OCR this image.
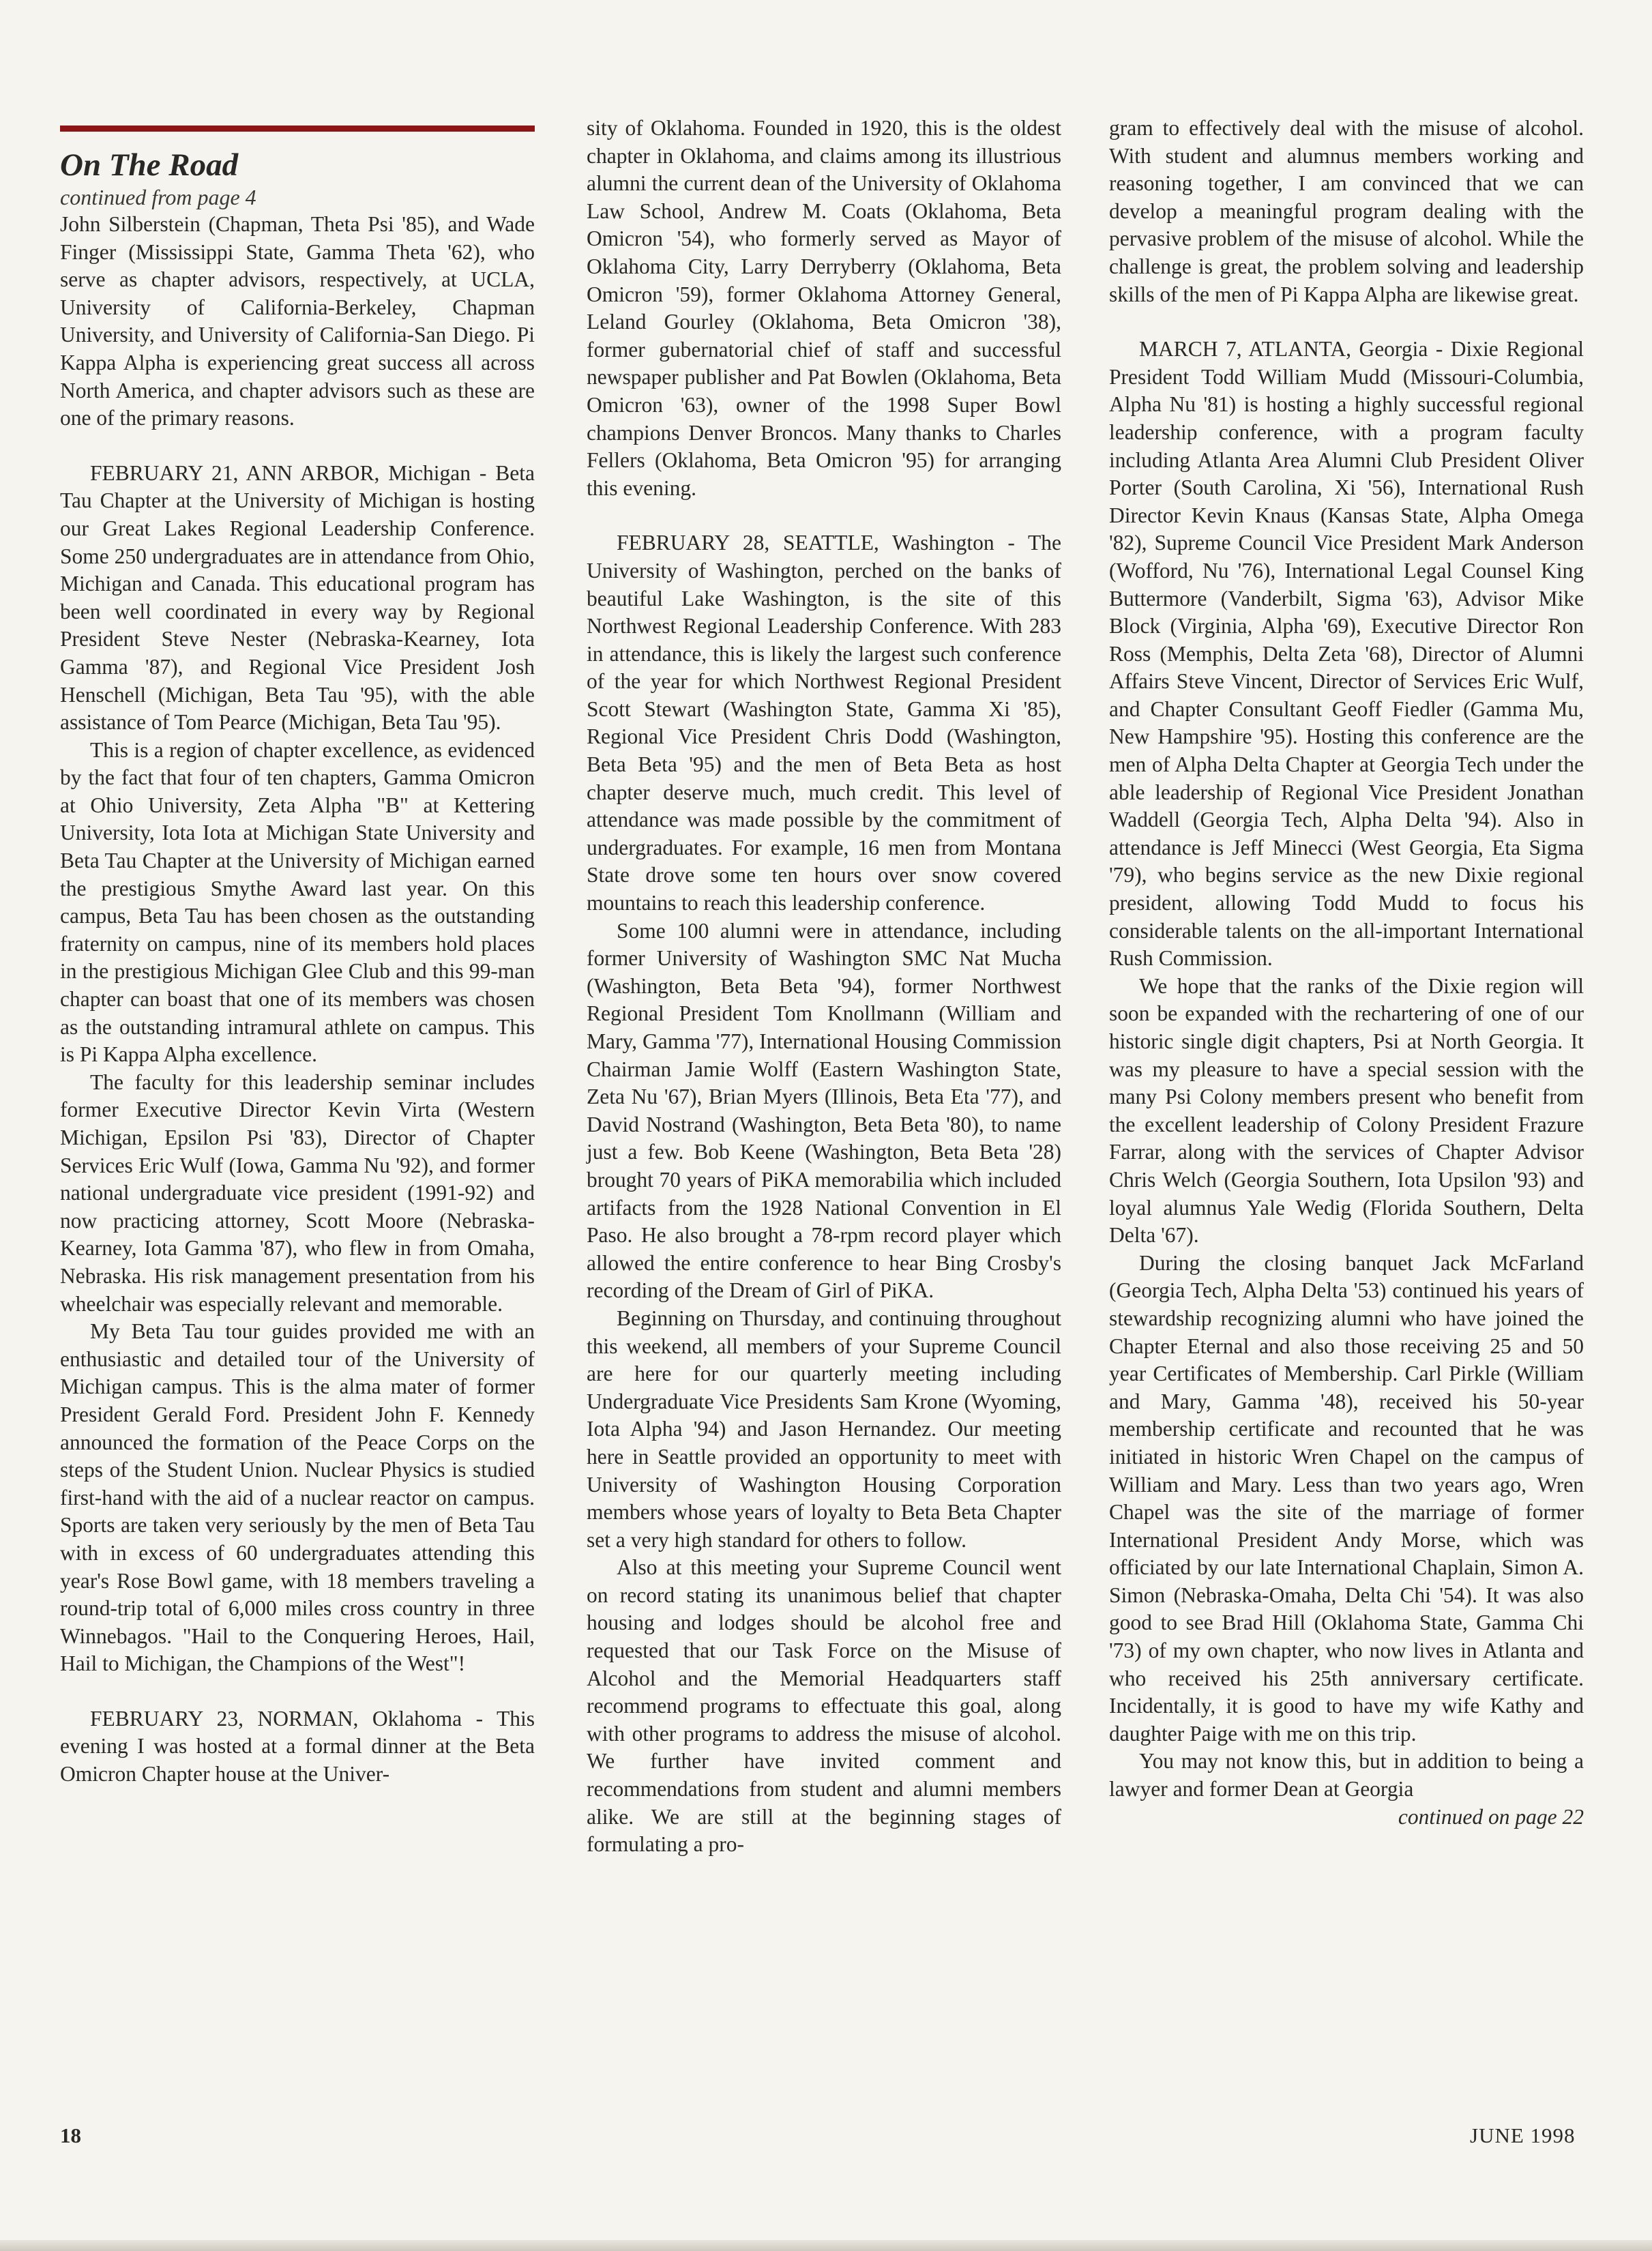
On The Road

continued from page 4

John Silberstein (Chapman, Theta Psi '85), and Wade Finger (Mississippi State, Gamma Theta '62), who serve as chapter advisors, respectively, at UCLA, University of California-Berkeley, Chapman University, and University of California-San Diego. Pi Kappa Alpha is experiencing great success all across North America, and chapter advisors such as these are one of the primary reasons.

FEBRUARY 21, ANN ARBOR, Michigan - Beta Tau Chapter at the University of Michigan is hosting our Great Lakes Regional Leadership Conference. Some 250 undergraduates are in attendance from Ohio, Michigan and Canada. This educational program has been well coordinated in every way by Regional President Steve Nester (Nebraska-Kearney, Iota Gamma '87), and Regional Vice President Josh Henschell (Michigan, Beta Tau '95), with the able assistance of Tom Pearce (Michigan, Beta Tau '95).

This is a region of chapter excellence, as evidenced by the fact that four of ten chapters, Gamma Omicron at Ohio University, Zeta Alpha "B" at Kettering University, Iota Iota at Michigan State University and Beta Tau Chapter at the University of Michigan earned the prestigious Smythe Award last year. On this campus, Beta Tau has been chosen as the outstanding fraternity on campus, nine of its members hold places in the prestigious Michigan Glee Club and this 99-man chapter can boast that one of its members was chosen as the outstanding intramural athlete on campus. This is Pi Kappa Alpha excellence.

The faculty for this leadership seminar includes former Executive Director Kevin Virta (Western Michigan, Epsilon Psi '83), Director of Chapter Services Eric Wulf (Iowa, Gamma Nu '92), and former national undergraduate vice president (1991-92) and now practicing attorney, Scott Moore (Nebraska-Kearney, Iota Gamma '87), who flew in from Omaha, Nebraska. His risk management presentation from his wheelchair was especially relevant and memorable.

My Beta Tau tour guides provided me with an enthusiastic and detailed tour of the University of Michigan campus. This is the alma mater of former President Gerald Ford. President John F. Kennedy announced the formation of the Peace Corps on the steps of the Student Union. Nuclear Physics is studied first-hand with the aid of a nuclear reactor on campus. Sports are taken very seriously by the men of Beta Tau with in excess of 60 undergraduates attending this year's Rose Bowl game, with 18 members traveling a round-trip total of 6,000 miles cross country in three Winnebagos. "Hail to the Conquering Heroes, Hail, Hail to Michigan, the Champions of the West"!

FEBRUARY 23, NORMAN, Oklahoma - This evening I was hosted at a formal dinner at the Beta Omicron Chapter house at the Univer-

sity of Oklahoma. Founded in 1920, this is the oldest chapter in Oklahoma, and claims among its illustrious alumni the current dean of the University of Oklahoma Law School, Andrew M. Coats (Oklahoma, Beta Omicron '54), who formerly served as Mayor of Oklahoma City, Larry Derryberry (Oklahoma, Beta Omicron '59), former Oklahoma Attorney General, Leland Gourley (Oklahoma, Beta Omicron '38), former gubernatorial chief of staff and successful newspaper publisher and Pat Bowlen (Oklahoma, Beta Omicron '63), owner of the 1998 Super Bowl champions Denver Broncos. Many thanks to Charles Fellers (Oklahoma, Beta Omicron '95) for arranging this evening.

FEBRUARY 28, SEATTLE, Washington - The University of Washington, perched on the banks of beautiful Lake Washington, is the site of this Northwest Regional Leadership Conference. With 283 in attendance, this is likely the largest such conference of the year for which Northwest Regional President Scott Stewart (Washington State, Gamma Xi '85), Regional Vice President Chris Dodd (Washington, Beta Beta '95) and the men of Beta Beta as host chapter deserve much, much credit. This level of attendance was made possible by the commitment of undergraduates. For example, 16 men from Montana State drove some ten hours over snow covered mountains to reach this leadership conference.

Some 100 alumni were in attendance, including former University of Washington SMC Nat Mucha (Washington, Beta Beta '94), former Northwest Regional President Tom Knollmann (William and Mary, Gamma '77), International Housing Commission Chairman Jamie Wolff (Eastern Washington State, Zeta Nu '67), Brian Myers (Illinois, Beta Eta '77), and David Nostrand (Washington, Beta Beta '80), to name just a few. Bob Keene (Washington, Beta Beta '28) brought 70 years of PiKA memorabilia which included artifacts from the 1928 National Convention in El Paso. He also brought a 78-rpm record player which allowed the entire conference to hear Bing Crosby's recording of the Dream of Girl of PiKA.

Beginning on Thursday, and continuing throughout this weekend, all members of your Supreme Council are here for our quarterly meeting including Undergraduate Vice Presidents Sam Krone (Wyoming, Iota Alpha '94) and Jason Hernandez. Our meeting here in Seattle provided an opportunity to meet with University of Washington Housing Corporation members whose years of loyalty to Beta Beta Chapter set a very high standard for others to follow.

Also at this meeting your Supreme Council went on record stating its unanimous belief that chapter housing and lodges should be alcohol free and requested that our Task Force on the Misuse of Alcohol and the Memorial Headquarters staff recommend programs to effectuate this goal, along with other programs to address the misuse of alcohol. We further have invited comment and recommendations from student and alumni members alike. We are still at the beginning stages of formulating a pro-

gram to effectively deal with the misuse of alcohol. With student and alumnus members working and reasoning together, I am convinced that we can develop a meaningful program dealing with the pervasive problem of the misuse of alcohol. While the challenge is great, the problem solving and leadership skills of the men of Pi Kappa Alpha are likewise great.

MARCH 7, ATLANTA, Georgia - Dixie Regional President Todd William Mudd (Missouri-Columbia, Alpha Nu '81) is hosting a highly successful regional leadership conference, with a program faculty including Atlanta Area Alumni Club President Oliver Porter (South Carolina, Xi '56), International Rush Director Kevin Knaus (Kansas State, Alpha Omega '82), Supreme Council Vice President Mark Anderson (Wofford, Nu '76), International Legal Counsel King Buttermore (Vanderbilt, Sigma '63), Advisor Mike Block (Virginia, Alpha '69), Executive Director Ron Ross (Memphis, Delta Zeta '68), Director of Alumni Affairs Steve Vincent, Director of Services Eric Wulf, and Chapter Consultant Geoff Fiedler (Gamma Mu, New Hampshire '95). Hosting this conference are the men of Alpha Delta Chapter at Georgia Tech under the able leadership of Regional Vice President Jonathan Waddell (Georgia Tech, Alpha Delta '94). Also in attendance is Jeff Minecci (West Georgia, Eta Sigma '79), who begins service as the new Dixie regional president, allowing Todd Mudd to focus his considerable talents on the all-important International Rush Commission.

We hope that the ranks of the Dixie region will soon be expanded with the rechartering of one of our historic single digit chapters, Psi at North Georgia. It was my pleasure to have a special session with the many Psi Colony members present who benefit from the excellent leadership of Colony President Frazure Farrar, along with the services of Chapter Advisor Chris Welch (Georgia Southern, Iota Upsilon '93) and loyal alumnus Yale Wedig (Florida Southern, Delta Delta '67).

During the closing banquet Jack McFarland (Georgia Tech, Alpha Delta '53) continued his years of stewardship recognizing alumni who have joined the Chapter Eternal and also those receiving 25 and 50 year Certificates of Membership. Carl Pirkle (William and Mary, Gamma '48), received his 50-year membership certificate and recounted that he was initiated in historic Wren Chapel on the campus of William and Mary. Less than two years ago, Wren Chapel was the site of the marriage of former International President Andy Morse, which was officiated by our late International Chaplain, Simon A. Simon (Nebraska-Omaha, Delta Chi '54). It was also good to see Brad Hill (Oklahoma State, Gamma Chi '73) of my own chapter, who now lives in Atlanta and who received his 25th anniversary certificate. Incidentally, it is good to have my wife Kathy and daughter Paige with me on this trip.

You may not know this, but in addition to being a lawyer and former Dean at Georgia

continued on page 22

18	JUNE 1998
